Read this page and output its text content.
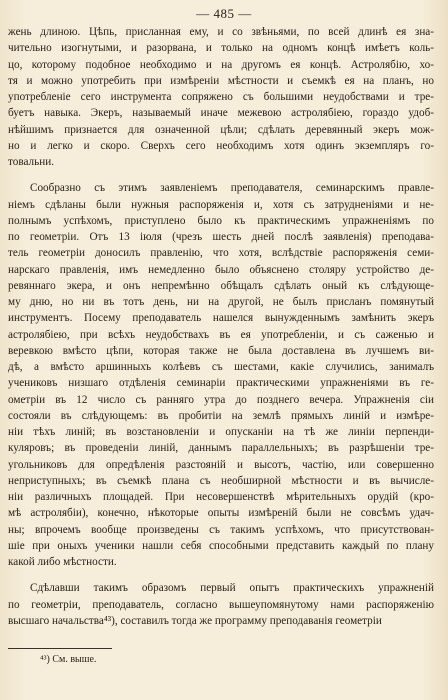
— 485 —
жень длиною. Цѣпь, присланная ему, и со звѣньями, по всей длинѣ ея зна-
чительно изогнутыми, и разорвана, и только на одномъ концѣ имѣетъ коль-
цо, которому подобное необходимо и на другомъ ея концѣ. Астролябію, хо-
тя и можно употребить при измѣреніи мѣстности и съемкѣ ея на планъ, но
употребленіе сего инструмента сопряжено съ большими неудобствами и тре-
буетъ навыка. Экеръ, называемый иначе межевою астролябіею, гораздо удоб-
нѣйшимъ признается для означенной цѣли; сдѣлать деревянный экеръ мож-
но и легко и скоро. Сверхъ сего необходимъ хотя одинъ экземпляръ го-
товальни.
Сообразно съ этимъ заявленіемъ преподавателя, семинарскимъ правле-
ніемъ сдѣланы были нужныя распоряженія и, хотя съ затрудненіями и не-
полнымъ успѣхомъ, приступлено было къ практическимъ упражненіямъ по
по геометріи. Отъ 13 іюля (чрезъ шесть дней послѣ заявленія) преподава-
тель геометріи доносилъ правленію, что хотя, вслѣдствіе распоряженія семи-
нарскаго правленія, имъ немедленно было объяснено столяру устройство де-
ревяннаго экера, и онъ непремѣнно обѣщалъ сдѣлать оный къ слѣдующе-
му дню, но ни въ тотъ день, ни на другой, не былъ присланъ помянутый
инструментъ. Посему преподаватель нашелся вынужденнымъ замѣнить экеръ
астролябіею, при всѣхъ неудобствахъ въ ея употребленіи, и съ саженью и
веревкою вмѣсто цѣпи, которая также не была доставлена въ лучшемъ ви-
дѣ, а вмѣсто аршинныхъ колѣевъ съ шестами, какіе случились, занималъ
учениковъ низшаго отдѣленія семинаріи практическими упражненіями въ ге-
ометріи въ 12 число съ ранняго утра до позднего вечера. Упражненія сіи
состояли въ слѣдующемъ: въ пробитіи на землѣ прямыхъ линій и измѣре-
ніи тѣхъ линій; въ возстановленіи и опусканіи на тѣ же линіи перпенди-
куляровъ; въ проведеніи линій, даннымъ параллельныхъ; въ разрѣшеніи тре-
угольниковъ для опредѣленія разстояній и высотъ, частію, или совершенно
неприступныхъ; въ съемкѣ плана съ необширной мѣстности и въ вычисле-
ніи различныхъ площадей. При несовершенствѣ мѣрительныхъ орудій (кро-
мѣ астролябіи), конечно, нѣкоторые опыты измѣреній были не совсѣмъ удач-
ны; впрочемъ вообще произведены съ такимъ успѣхомъ, что присутствован-
шіе при оныхъ ученики нашли себя способными представить каждый по плану
какой либо мѣстности.
Сдѣлавши такимъ образомъ первый опытъ практическихъ упражненій
по геометріи, преподаватель, согласно вышеупомянутому нами распоряженію
высшаго начальства⁴³), составилъ тогда же программу преподаванія геометріи
⁴³) См. выше.
